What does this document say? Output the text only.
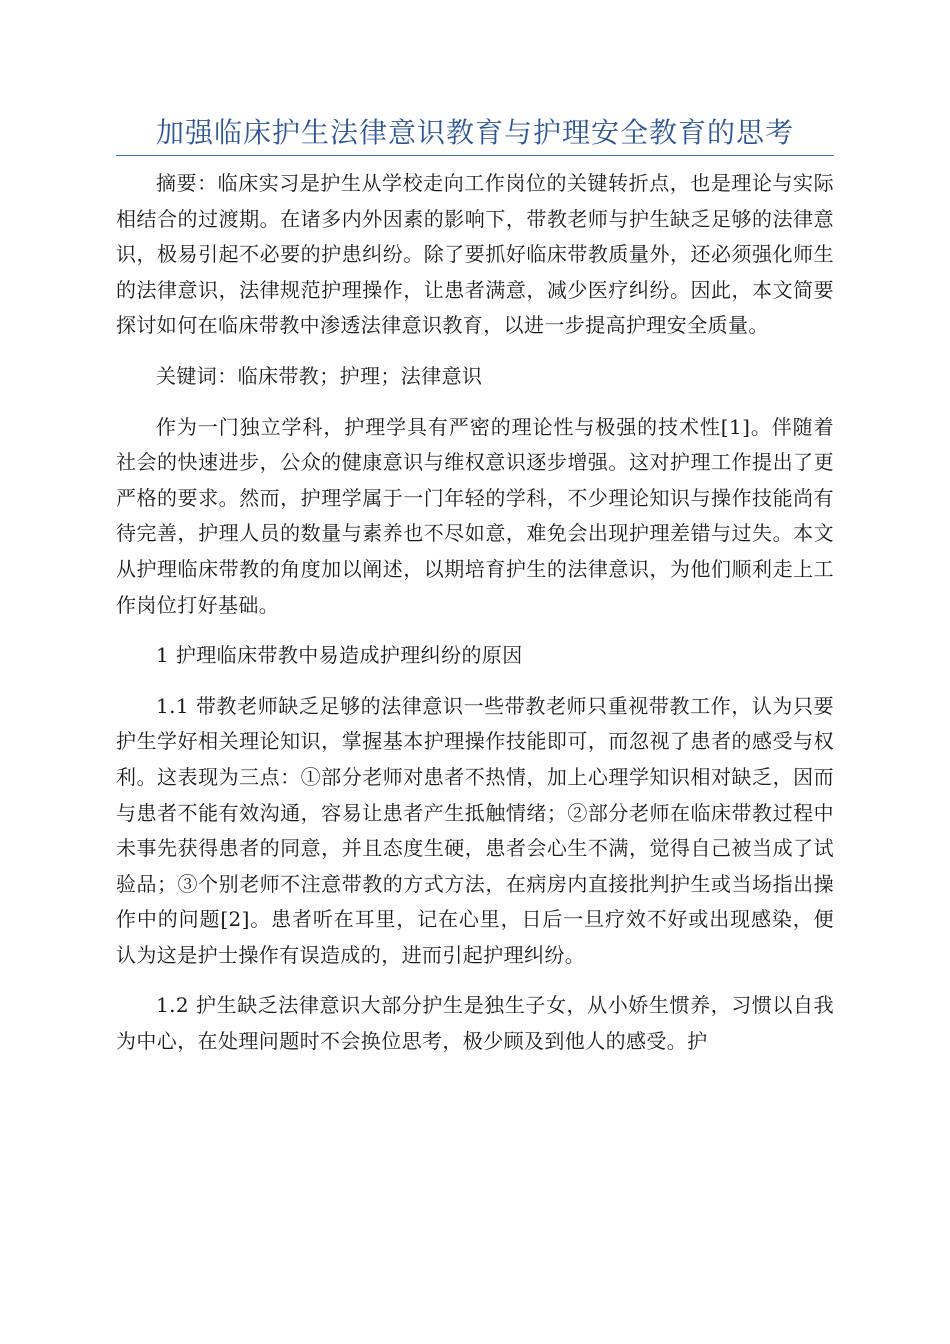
加强临床护生法律意识教育与护理安全教育的思考

摘要：临床实习是护生从学校走向工作岗位的关键转折点，也是理论与实际相结合的过渡期。在诸多内外因素的影响下，带教老师与护生缺乏足够的法律意识，极易引起不必要的护患纠纷。除了要抓好临床带教质量外，还必须强化师生的法律意识，法律规范护理操作，让患者满意，减少医疗纠纷。因此，本文简要探讨如何在临床带教中渗透法律意识教育，以进一步提高护理安全质量。

关键词：临床带教；护理；法律意识

作为一门独立学科，护理学具有严密的理论性与极强的技术性[1]。伴随着社会的快速进步，公众的健康意识与维权意识逐步增强。这对护理工作提出了更严格的要求。然而，护理学属于一门年轻的学科，不少理论知识与操作技能尚有待完善，护理人员的数量与素养也不尽如意，难免会出现护理差错与过失。本文从护理临床带教的角度加以阐述，以期培育护生的法律意识，为他们顺利走上工作岗位打好基础。

1 护理临床带教中易造成护理纠纷的原因

1.1 带教老师缺乏足够的法律意识一些带教老师只重视带教工作，认为只要护生学好相关理论知识，掌握基本护理操作技能即可，而忽视了患者的感受与权利。这表现为三点：①部分老师对患者不热情，加上心理学知识相对缺乏，因而与患者不能有效沟通，容易让患者产生抵触情绪；②部分老师在临床带教过程中未事先获得患者的同意，并且态度生硬，患者会心生不满，觉得自己被当成了试验品；③个别老师不注意带教的方式方法，在病房内直接批判护生或当场指出操作中的问题[2]。患者听在耳里，记在心里，日后一旦疗效不好或出现感染，便认为这是护士操作有误造成的，进而引起护理纠纷。

1.2 护生缺乏法律意识大部分护生是独生子女，从小娇生惯养，习惯以自我为中心，在处理问题时不会换位思考，极少顾及到他人的感受。护
